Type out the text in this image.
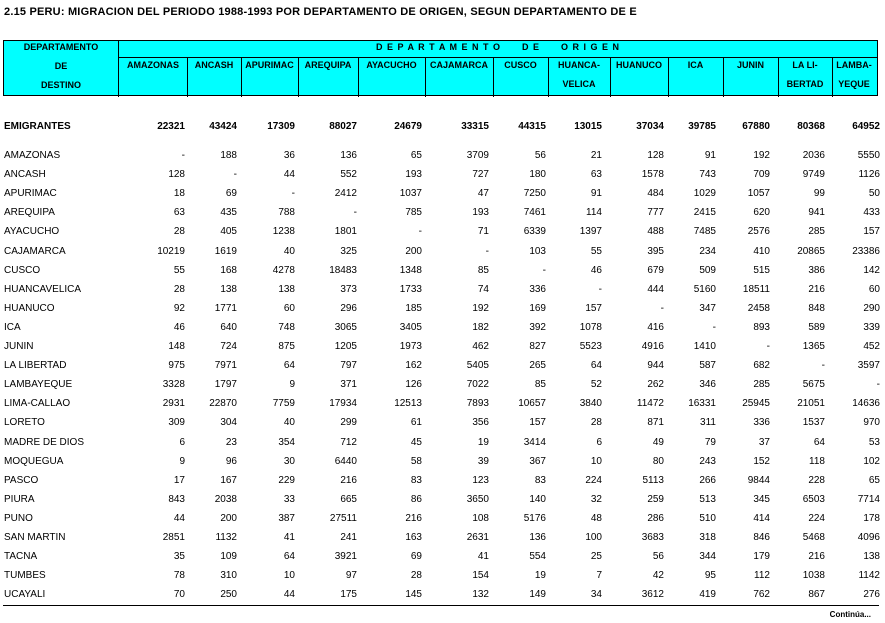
2.15 PERU: MIGRACION DEL PERIODO 1988-1993 POR DEPARTAMENTO DE ORIGEN, SEGUN DEPARTAMENTO DE E
DEPARTAMENTO
DE
DESTINO
D E P A R T A M E N T O      D E      O R I G E N
AMAZONAS	ANCASH	APURIMAC	AREQUIPA	AYACUCHO	CAJAMARCA	CUSCO	HUANCA-
VELICA
HUANUCO	ICA	JUNIN	LA LI-
BERTAD
LAMBA-
YEQUE
EMIGRANTES	22321	43424	17309	88027	24679	33315	44315	13015	37034	39785	67880	80368	64952
AMAZONAS	-	188	36	136	65	3709	56	21	128	91	192	2036	5550
ANCASH	128	-	44	552	193	727	180	63	1578	743	709	9749	1126
APURIMAC	18	69	-	2412	1037	47	7250	91	484	1029	1057	99	50
AREQUIPA	63	435	788	-	785	193	7461	114	777	2415	620	941	433
AYACUCHO	28	405	1238	1801	-	71	6339	1397	488	7485	2576	285	157
CAJAMARCA	10219	1619	40	325	200	-	103	55	395	234	410	20865	23386
CUSCO	55	168	4278	18483	1348	85	-	46	679	509	515	386	142
HUANCAVELICA	28	138	138	373	1733	74	336	-	444	5160	18511	216	60
HUANUCO	92	1771	60	296	185	192	169	157	-	347	2458	848	290
ICA	46	640	748	3065	3405	182	392	1078	416	-	893	589	339
JUNIN	148	724	875	1205	1973	462	827	5523	4916	1410	-	1365	452
LA LIBERTAD	975	7971	64	797	162	5405	265	64	944	587	682	-	3597
LAMBAYEQUE	3328	1797	9	371	126	7022	85	52	262	346	285	5675	-
LIMA-CALLAO	2931	22870	7759	17934	12513	7893	10657	3840	11472	16331	25945	21051	14636
LORETO	309	304	40	299	61	356	157	28	871	311	336	1537	970
MADRE DE DIOS	6	23	354	712	45	19	3414	6	49	79	37	64	53
MOQUEGUA	9	96	30	6440	58	39	367	10	80	243	152	118	102
PASCO	17	167	229	216	83	123	83	224	5113	266	9844	228	65
PIURA	843	2038	33	665	86	3650	140	32	259	513	345	6503	7714
PUNO	44	200	387	27511	216	108	5176	48	286	510	414	224	178
SAN MARTIN	2851	1132	41	241	163	2631	136	100	3683	318	846	5468	4096
TACNA	35	109	64	3921	69	41	554	25	56	344	179	216	138
TUMBES	78	310	10	97	28	154	19	7	42	95	112	1038	1142
UCAYALI	70	250	44	175	145	132	149	34	3612	419	762	867	276
Continúa...
